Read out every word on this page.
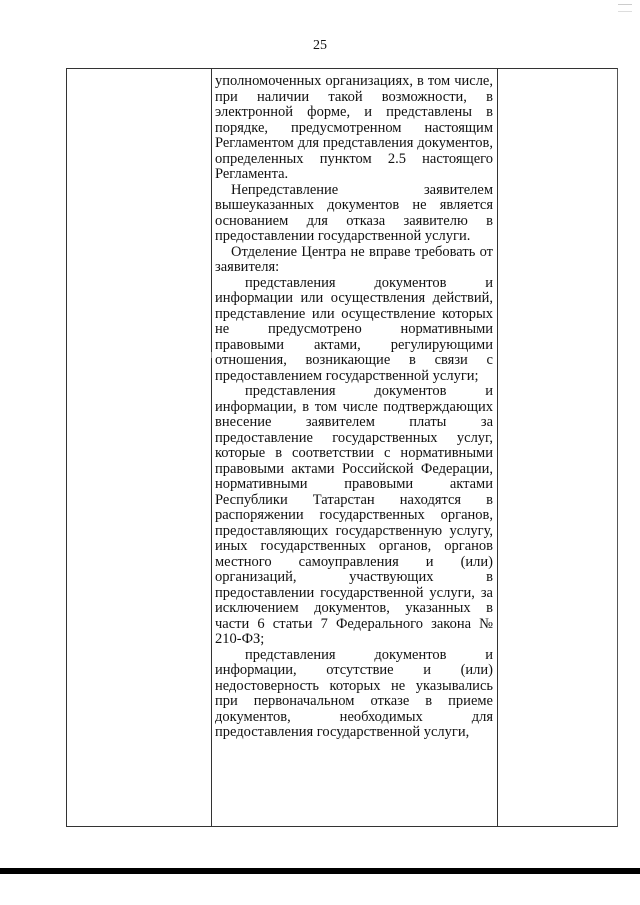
25

уполномоченных организациях, в том числе, при наличии такой возможности, в электронной форме, и представлены в порядке, предусмотренном настоящим Регламентом для представления документов, определенных пунктом 2.5 настоящего Регламента.

Непредставление заявителем вышеуказанных документов не является основанием для отказа заявителю в предоставлении государственной услуги.

Отделение Центра не вправе требовать от заявителя:

представления документов и информации или осуществления действий, представление или осуществление которых не предусмотрено нормативными правовыми актами, регулирующими отношения, возникающие в связи с предоставлением государственной услуги;

представления документов и информации, в том числе подтверждающих внесение заявителем платы за предоставление государственных услуг, которые в соответствии с нормативными правовыми актами Российской Федерации, нормативными правовыми актами Республики Татарстан находятся в распоряжении государственных органов, предоставляющих государственную услугу, иных государственных органов, органов местного самоуправления и (или) организаций, участвующих в предоставлении государственной услуги, за исключением документов, указанных в части 6 статьи 7 Федерального закона № 210-ФЗ;

представления документов и информации, отсутствие и (или) недостоверность которых не указывались при первоначальном отказе в приеме документов, необходимых для предоставления государственной услуги,
